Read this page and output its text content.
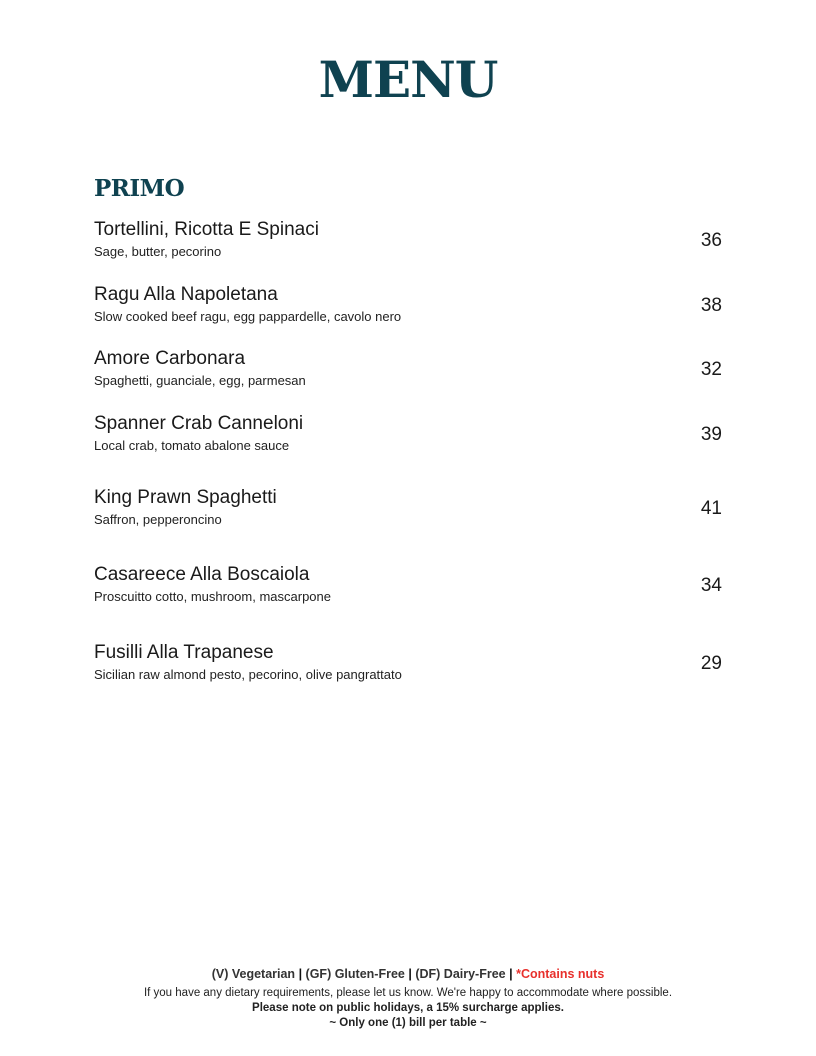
MENU
PRIMO
Tortellini, Ricotta E Spinaci
Sage, butter, pecorino
36
Ragu Alla Napoletana
Slow cooked beef ragu, egg pappardelle, cavolo nero
38
Amore Carbonara
Spaghetti, guanciale, egg, parmesan
32
Spanner Crab Canneloni
Local crab, tomato abalone sauce
39
King Prawn Spaghetti
Saffron, pepperoncino
41
Casareece Alla Boscaiola
Proscuitto cotto, mushroom, mascarpone
34
Fusilli Alla Trapanese
Sicilian raw almond pesto, pecorino, olive pangrattato
29
(V) Vegetarian | (GF) Gluten-Free | (DF) Dairy-Free | *Contains nuts
If you have any dietary requirements, please let us know. We're happy to accommodate where possible.
Please note on public holidays, a 15% surcharge applies.
~ Only one (1) bill per table ~
